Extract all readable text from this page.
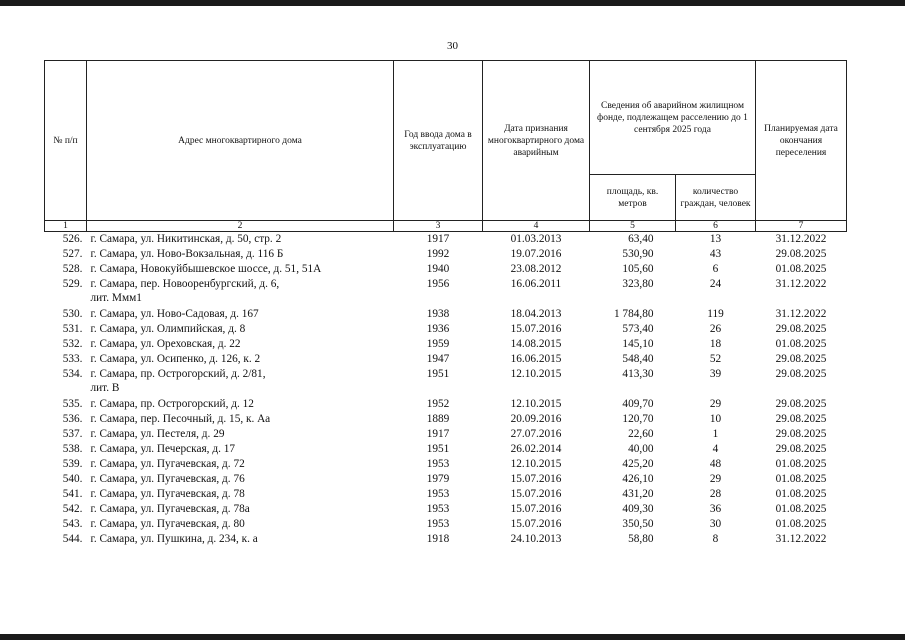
30
№ п/п	Адрес многоквартирного дома	Год ввода дома в эксплуатацию	Дата признания многоквартирного дома аварийным	Сведения об аварийном жилищном фонде, подлежащем расселению до 1 сентября 2025 года		Планируемая дата окончания переселения
				площадь, кв. метров	количество граждан, человек	
1	2	3	4	5	6	7
526.	г. Самара, ул. Никитинская, д. 50, стр. 2	1917	01.03.2013	63,40	13	31.12.2022
527.	г. Самара, ул. Ново-Вокзальная, д. 116 Б	1992	19.07.2016	530,90	43	29.08.2025
528.	г. Самара, Новокуйбышевское шоссе, д. 51, 51А	1940	23.08.2012	105,60	6	01.08.2025
529.	г. Самара, пер. Новооренбургский, д. 6,
лит. Ммм1	1956	16.06.2011	323,80	24	31.12.2022
530.	г. Самара, ул. Ново-Садовая, д. 167	1938	18.04.2013	1 784,80	119	31.12.2022
531.	г. Самара, ул. Олимпийская, д. 8	1936	15.07.2016	573,40	26	29.08.2025
532.	г. Самара, ул. Ореховская, д. 22	1959	14.08.2015	145,10	18	01.08.2025
533.	г. Самара, ул. Осипенко, д. 126, к. 2	1947	16.06.2015	548,40	52	29.08.2025
534.	г. Самара, пр. Острогорский, д. 2/81,
лит. В	1951	12.10.2015	413,30	39	29.08.2025
535.	г. Самара, пр. Острогорский, д. 12	1952	12.10.2015	409,70	29	29.08.2025
536.	г. Самара, пер. Песочный, д. 15, к. Аа	1889	20.09.2016	120,70	10	29.08.2025
537.	г. Самара, ул. Пестеля, д. 29	1917	27.07.2016	22,60	1	29.08.2025
538.	г. Самара, ул. Печерская, д. 17	1951	26.02.2014	40,00	4	29.08.2025
539.	г. Самара, ул. Пугачевская, д. 72	1953	12.10.2015	425,20	48	01.08.2025
540.	г. Самара, ул. Пугачевская, д. 76	1979	15.07.2016	426,10	29	01.08.2025
541.	г. Самара, ул. Пугачевская, д. 78	1953	15.07.2016	431,20	28	01.08.2025
542.	г. Самара, ул. Пугачевская, д. 78а	1953	15.07.2016	409,30	36	01.08.2025
543.	г. Самара, ул. Пугачевская, д. 80	1953	15.07.2016	350,50	30	01.08.2025
544.	г. Самара, ул. Пушкина, д. 234, к. а	1918	24.10.2013	58,80	8	31.12.2022
